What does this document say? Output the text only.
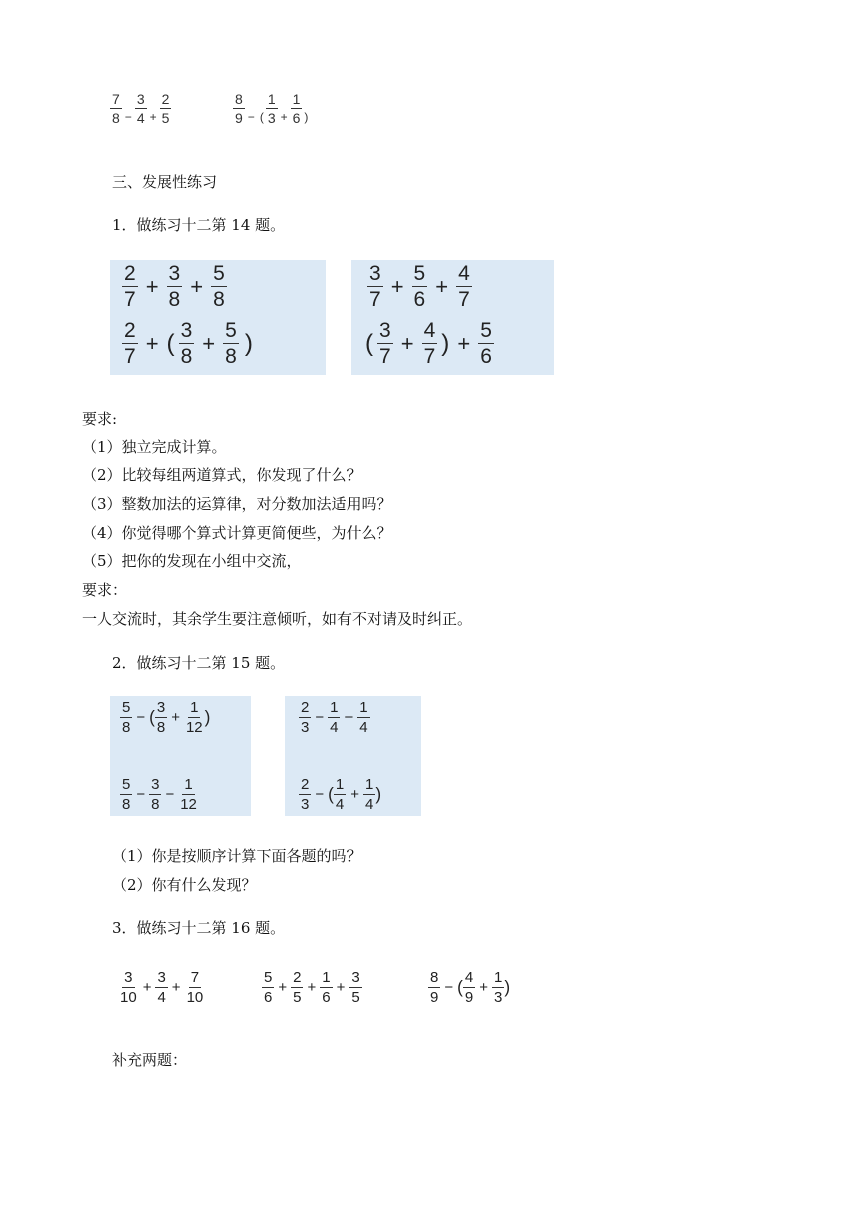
$\frac{7}{8} - \frac{3}{4} + \frac{2}{5}$	$\frac{8}{9}$ − ( $\frac{1}{3} + \frac{1}{6}$ )
三、发展性练习
1．做练习十二第 14 题。
$\frac{2}{7} + \frac{3}{8} + \frac{5}{8}$
$\frac{2}{7}$ + ( $\frac{3}{8} + \frac{5}{8}$ )
$\frac{3}{7} + \frac{5}{6} + \frac{4}{7}$
( $\frac{3}{7} + \frac{4}{7}$ ) + $\frac{5}{6}$
要求:
（1）独立完成计算。
（2）比较每组两道算式，你发现了什么？
（3）整数加法的运算律，对分数加法适用吗？
（4）你觉得哪个算式计算更简便些，为什么？
（5）把你的发现在小组中交流，
要求：
一人交流时，其余学生要注意倾听，如有不对请及时纠正。
2．做练习十二第 15 题。
$\frac{5}{8}$ − ( $\frac{3}{8} + \frac{1}{12}$ )
$\frac{5}{8} - \frac{3}{8} - \frac{1}{12}$
$\frac{2}{3} - \frac{1}{4} - \frac{1}{4}$
$\frac{2}{3}$ − ( $\frac{1}{4} + \frac{1}{4}$ )
（1）你是按顺序计算下面各题的吗？
（2）你有什么发现？
3．做练习十二第 16 题。
$\frac{3}{10} + \frac{3}{4} + \frac{7}{10}$	$\frac{5}{6} + \frac{2}{5} + \frac{1}{6} + \frac{3}{5}$	$\frac{8}{9}$ − ( $\frac{4}{9} + \frac{1}{3}$ )
补充两题：
